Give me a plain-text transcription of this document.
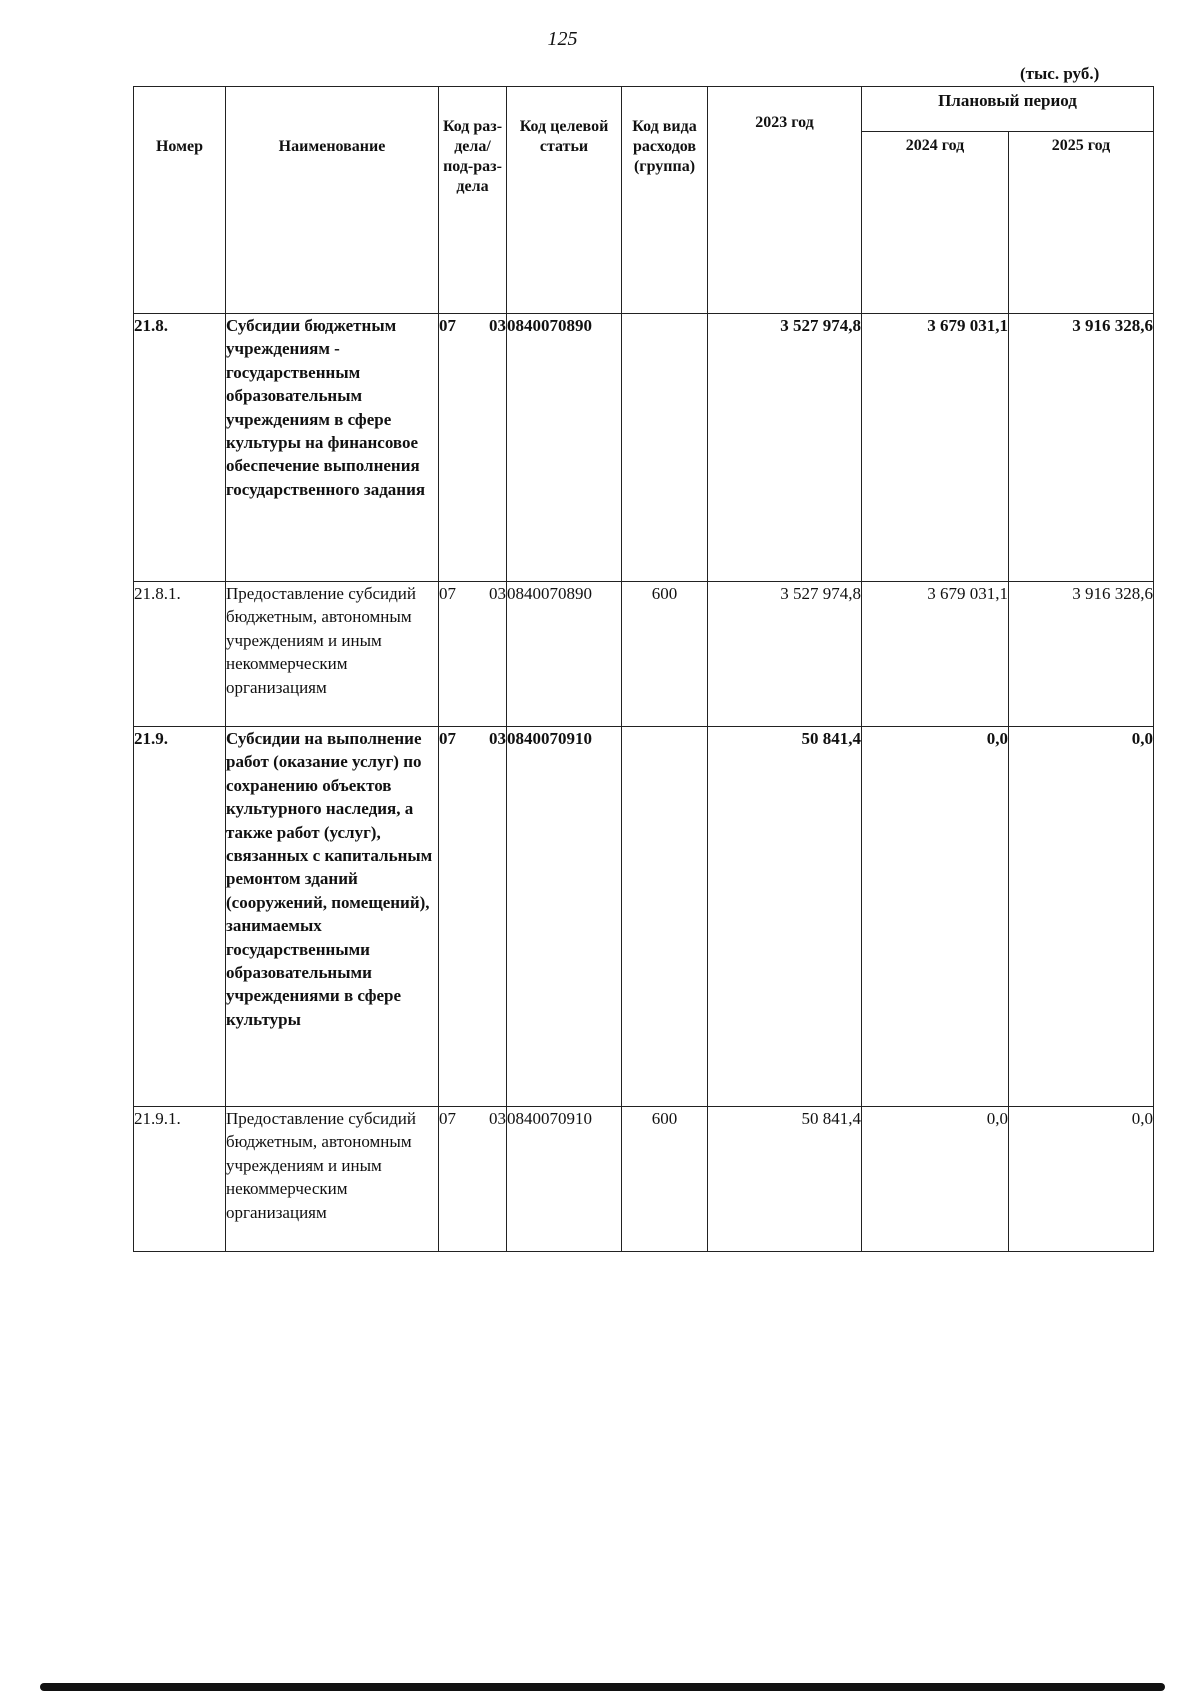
125
(тыс. руб.)
Номер	Наименование	Код раз-дела/ под-раз-дела	Код целевой статьи	Код вида расходов (группа)	2023 год	Плановый период	
						2024 год	2025 год
21.8.	Субсидии бюджетным учреждениям - государственным образовательным учреждениям в сфере культуры на финансовое обеспечение выполнения государственного задания	07 03	0840070890		3 527 974,8	3 679 031,1	3 916 328,6
21.8.1.	Предоставление субсидий бюджетным, автономным учреждениям и иным некоммерческим организациям	07 03	0840070890	600	3 527 974,8	3 679 031,1	3 916 328,6
21.9.	Субсидии на выполнение работ (оказание услуг) по сохранению объектов культурного наследия, а также работ (услуг), связанных с капитальным ремонтом зданий (сооружений, помещений), занимаемых государственными образовательными учреждениями в сфере культуры	07 03	0840070910		50 841,4	0,0	0,0
21.9.1.	Предоставление субсидий бюджетным, автономным учреждениям и иным некоммерческим организациям	07 03	0840070910	600	50 841,4	0,0	0,0
